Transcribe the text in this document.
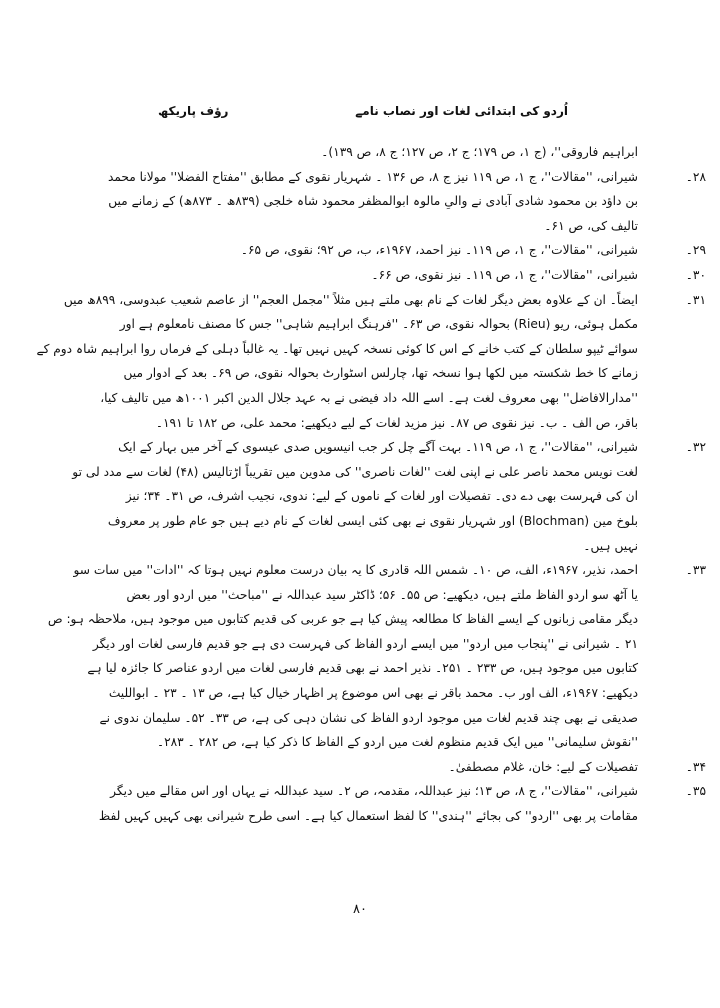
اُردو کی ابتدائی لغات اور نصاب نامے
رؤف پاریکھ
ابراہیم فاروقی''، (ج ۱، ص ۱۷۹؛ ج ۲، ص ۱۲۷؛ ج ۸، ص ۱۳۹)۔
۲۸۔
شیرانی، ''مقالات''، ج ۱، ص ۱۱۹ نیز ج ۸، ص ۱۳۶ ۔ شہریار نقوی کے مطابق ''مفتاح الفضلا'' مولانا محمد
بن داؤد بن محمود شادی آبادی نے والیِ مالوہ ابوالمظفر محمود شاہ خلجی (۸۳۹ھ ۔ ۸۷۳ھ) کے زمانے میں
تالیف کی، ص ۶۱۔
۲۹۔
شیرانی، ''مقالات''، ج ۱، ص ۱۱۹۔ نیز احمد، ۱۹۶۷ء، ب، ص ۹۲؛ نقوی، ص ۶۵۔
۳۰۔
شیرانی، ''مقالات''، ج ۱، ص ۱۱۹۔ نیز نقوی، ص ۶۶۔
۳۱۔
ایضاً۔ ان کے علاوہ بعض دیگر لغات کے نام بھی ملتے ہیں مثلاً ''مجمل العجم'' از عاصم شعیب عبدوسی، ۸۹۹ھ میں
مکمل ہوئی، ریو (Rieu) بحوالہ نقوی، ص ۶۳۔ ''فرہنگ ابراہیم شاہی'' جس کا مصنف نامعلوم ہے اور
سوائے ٹیپو سلطان کے کتب خانے کے اس کا کوئی نسخہ کہیں نہیں تھا۔ یہ غالباً دہلی کے فرماں روا ابراہیم شاہ دوم کے
زمانے کا خط شکستہ میں لکھا ہوا نسخہ تھا، چارلس اسٹوارٹ بحوالہ نقوی، ص ۶۹۔ بعد کے ادوار میں
''مدارالافاضل'' بھی معروف لغت ہے۔ اسے اللہ داد فیضی نے بہ عہد جلال الدین اکبر ۱۰۰۱ھ میں تالیف کیا،
باقر، ص الف ۔ ب۔ نیز نقوی ص ۸۷۔ نیز مزید لغات کے لیے دیکھیے: محمد علی، ص ۱۸۲ تا ۱۹۱۔
۳۲۔
شیرانی، ''مقالات''، ج ۱، ص ۱۱۹۔ بہت آگے چل کر جب انیسویں صدی عیسوی کے آخر میں بہار کے ایک
لغت نویس محمد ناصر علی نے اپنی لغت ''لغات ناصری'' کی مدوین میں تقریباً اڑتالیس (۴۸) لغات سے مدد لی تو
ان کی فہرست بھی دے دی۔ تفصیلات اور لغات کے ناموں کے لیے: ندوی، نجیب اشرف، ص ۳۱۔ ۳۴؛ نیز
بلوخ مین (Blochman) اور شہریار نقوی نے بھی کئی ایسی لغات کے نام دیے ہیں جو عام طور پر معروف
نہیں ہیں۔
۳۳۔
احمد، نذیر، ۱۹۶۷ء، الف، ص ۱۰۔ شمس اللہ قادری کا یہ بیان درست معلوم نہیں ہوتا کہ ''ادات'' میں سات سو
یا آٹھ سو اردو الفاظ ملتے ہیں، دیکھیے: ص ۵۵۔ ۵۶؛ ڈاکٹر سید عبداللہ نے ''مباحث'' میں اردو اور بعض
دیگر مقامی زبانوں کے ایسے الفاظ کا مطالعہ پیش کیا ہے جو عربی کی قدیم کتابوں میں موجود ہیں، ملاحظہ ہو: ص
۲۱ ۔ شیرانی نے ''پنجاب میں اردو'' میں ایسے اردو الفاظ کی فہرست دی ہے جو قدیم فارسی لغات اور دیگر
کتابوں میں موجود ہیں، ص ۲۳۳ ۔ ۲۵۱۔ نذیر احمد نے بھی قدیم فارسی لغات میں اردو عناصر کا جائزہ لیا ہے
دیکھیے: ۱۹۶۷ء، الف اور ب۔ محمد باقر نے بھی اس موضوع پر اظہار خیال کیا ہے، ص ۱۳ ۔ ۲۳ ۔ ابواللیث
صدیقی نے بھی چند قدیم لغات میں موجود اردو الفاظ کی نشان دہی کی ہے، ص ۳۳۔ ۵۲۔ سلیمان ندوی نے
''نقوش سلیمانی'' میں ایک قدیم منظوم لغت میں اردو کے الفاظ کا ذکر کیا ہے، ص ۲۸۲ ۔ ۲۸۳۔
۳۴۔
تفصیلات کے لیے: خان، غلام مصطفیٰ۔
۳۵۔
شیرانی، ''مقالات''، ج ۸، ص ۱۳؛ نیز عبداللہ، مقدمہ، ص ۲۔ سید عبداللہ نے یہاں اور اس مقالے میں دیگر
مقامات پر بھی ''اردو'' کی بجائے ''ہندی'' کا لفظ استعمال کیا ہے۔ اسی طرح شیرانی بھی کہیں کہیں لفظ
۸۰
